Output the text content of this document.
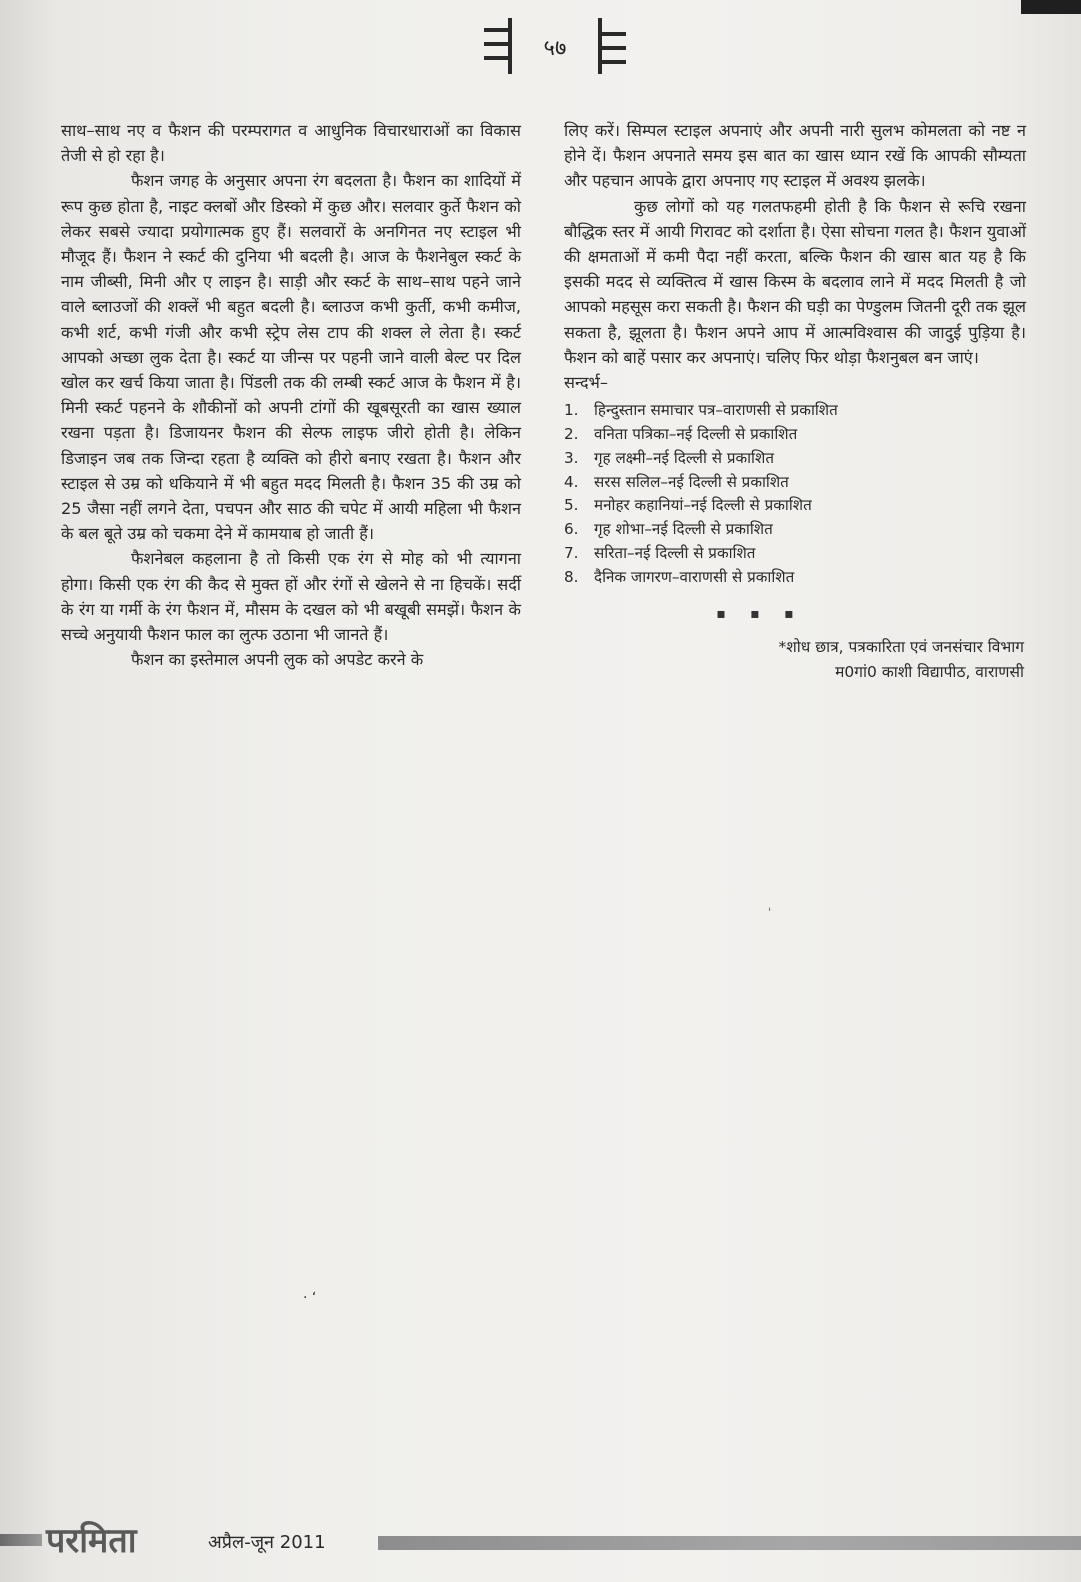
५७

साथ–साथ नए व फैशन की परम्परागत व आधुनिक विचारधाराओं का विकास तेजी से हो रहा है।

फैशन जगह के अनुसार अपना रंग बदलता है। फैशन का शादियों में रूप कुछ होता है, नाइट क्लबों और डिस्को में कुछ और। सलवार कुर्ते फैशन को लेकर सबसे ज्यादा प्रयोगात्मक हुए हैं। सलवारों के अनगिनत नए स्टाइल भी मौजूद हैं। फैशन ने स्कर्ट की दुनिया भी बदली है। आज के फैशनेबुल स्कर्ट के नाम जीब्सी, मिनी और ए लाइन है। साड़ी और स्कर्ट के साथ–साथ पहने जाने वाले ब्लाउजों की शक्लें भी बहुत बदली है। ब्लाउज कभी कुर्ती, कभी कमीज, कभी शर्ट, कभी गंजी और कभी स्ट्रेप लेस टाप की शक्ल ले लेता है। स्कर्ट आपको अच्छा लुक देता है। स्कर्ट या जीन्स पर पहनी जाने वाली बेल्ट पर दिल खोल कर खर्च किया जाता है। पिंडली तक की लम्बी स्कर्ट आज के फैशन में है। मिनी स्कर्ट पहनने के शौकीनों को अपनी टांगों की खूबसूरती का खास ख्याल रखना पड़ता है। डिजायनर फैशन की सेल्फ लाइफ जीरो होती है। लेकिन डिजाइन जब तक जिन्दा रहता है व्यक्ति को हीरो बनाए रखता है। फैशन और स्टाइल से उम्र को धकियाने में भी बहुत मदद मिलती है। फैशन 35 की उम्र को 25 जैसा नहीं लगने देता, पचपन और साठ की चपेट में आयी महिला भी फैशन के बल बूते उम्र को चकमा देने में कामयाब हो जाती हैं।

फैशनेबल कहलाना है तो किसी एक रंग से मोह को भी त्यागना होगा। किसी एक रंग की कैद से मुक्त हों और रंगों से खेलने से ना हिचकें। सर्दी के रंग या गर्मी के रंग फैशन में, मौसम के दखल को भी बखूबी समझें। फैशन के सच्चे अनुयायी फैशन फाल का लुत्फ उठाना भी जानते हैं।

फैशन का इस्तेमाल अपनी लुक को अपडेट करने के

लिए करें। सिम्पल स्टाइल अपनाएं और अपनी नारी सुलभ कोमलता को नष्ट न होने दें। फैशन अपनाते समय इस बात का खास ध्यान रखें कि आपकी सौम्यता और पहचान आपके द्वारा अपनाए गए स्टाइल में अवश्य झलके।

कुछ लोगों को यह गलतफहमी होती है कि फैशन से रूचि रखना बौद्धिक स्तर में आयी गिरावट को दर्शाता है। ऐसा सोचना गलत है। फैशन युवाओं की क्षमताओं में कमी पैदा नहीं करता, बल्कि फैशन की खास बात यह है कि इसकी मदद से व्यक्तित्व में खास किस्म के बदलाव लाने में मदद मिलती है जो आपको महसूस करा सकती है। फैशन की घड़ी का पेण्डुलम जितनी दूरी तक झूल सकता है, झूलता है। फैशन अपने आप में आत्मविश्वास की जादुई पुड़िया है। फैशन को बाहें पसार कर अपनाएं। चलिए फिर थोड़ा फैशनुबल बन जाएं।

सन्दर्भ–

1.	हिन्दुस्तान समाचार पत्र–वाराणसी से प्रकाशित
2.	वनिता पत्रिका–नई दिल्ली से प्रकाशित
3.	गृह लक्ष्मी–नई दिल्ली से प्रकाशित
4.	सरस सलिल–नई दिल्ली से प्रकाशित
5.	मनोहर कहानियां–नई दिल्ली से प्रकाशित
6.	गृह शोभा–नई दिल्ली से प्रकाशित
7.	सरिता–नई दिल्ली से प्रकाशित
8.	दैनिक जागरण–वाराणसी से प्रकाशित
▪ ▪ ▪
*शोध छात्र, पत्रकारिता एवं जनसंचार विभाग
म0गां0 काशी विद्यापीठ, वाराणसी
· ʻ
ˌ
परमिता	अप्रैल-जून 2011
